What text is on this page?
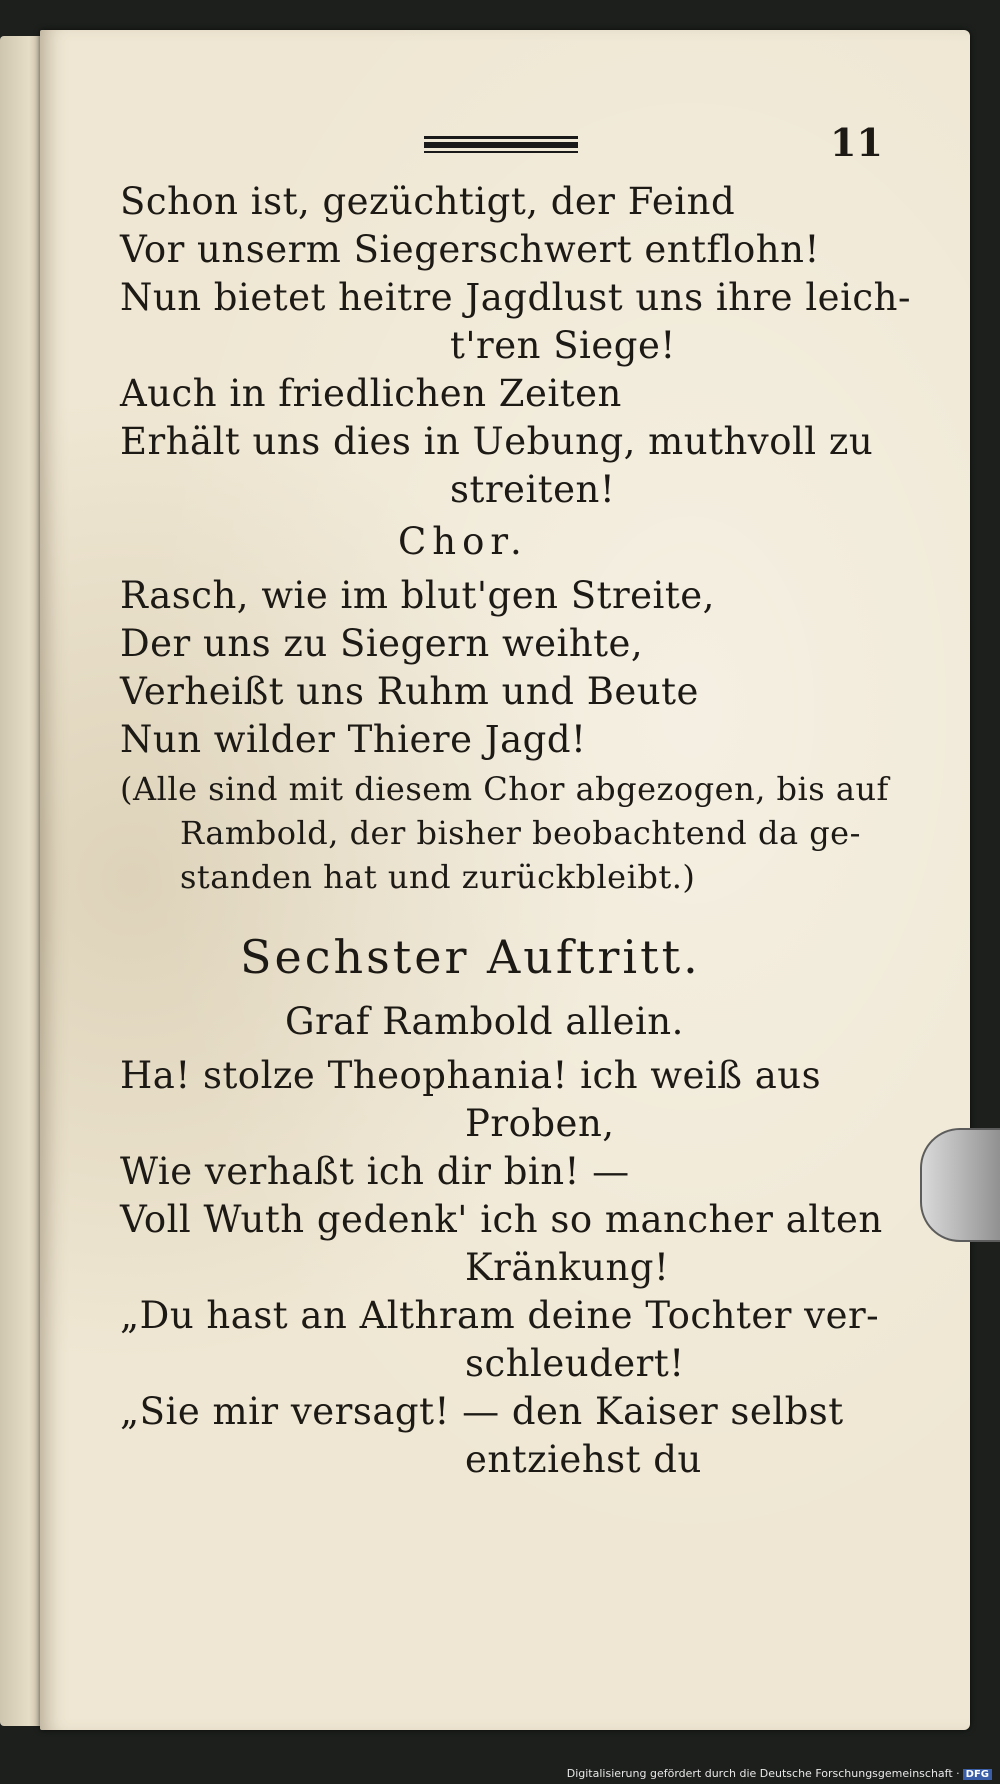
11
Schon ist, gezüchtigt, der Feind
Vor unserm Siegerschwert entflohn!
Nun bietet heitre Jagdlust uns ihre leich-
t'ren Siege!
Auch in friedlichen Zeiten
Erhält uns dies in Uebung, muthvoll zu
streiten!
Chor.
Rasch, wie im blut'gen Streite,
Der uns zu Siegern weihte,
Verheißt uns Ruhm und Beute
Nun wilder Thiere Jagd!
(Alle sind mit diesem Chor abgezogen, bis auf
Rambold, der bisher beobachtend da ge-
standen hat und zurückbleibt.)
Sechster Auftritt.
Graf Rambold allein.
Ha! stolze Theophania! ich weiß aus
Proben,
Wie verhaßt ich dir bin! —
Voll Wuth gedenk' ich so mancher alten
Kränkung!
„Du hast an Althram deine Tochter ver-
schleudert!
„Sie mir versagt! — den Kaiser selbst
entziehst du
Digitalisierung gefördert durch die Deutsche Forschungsgemeinschaft · DFG
